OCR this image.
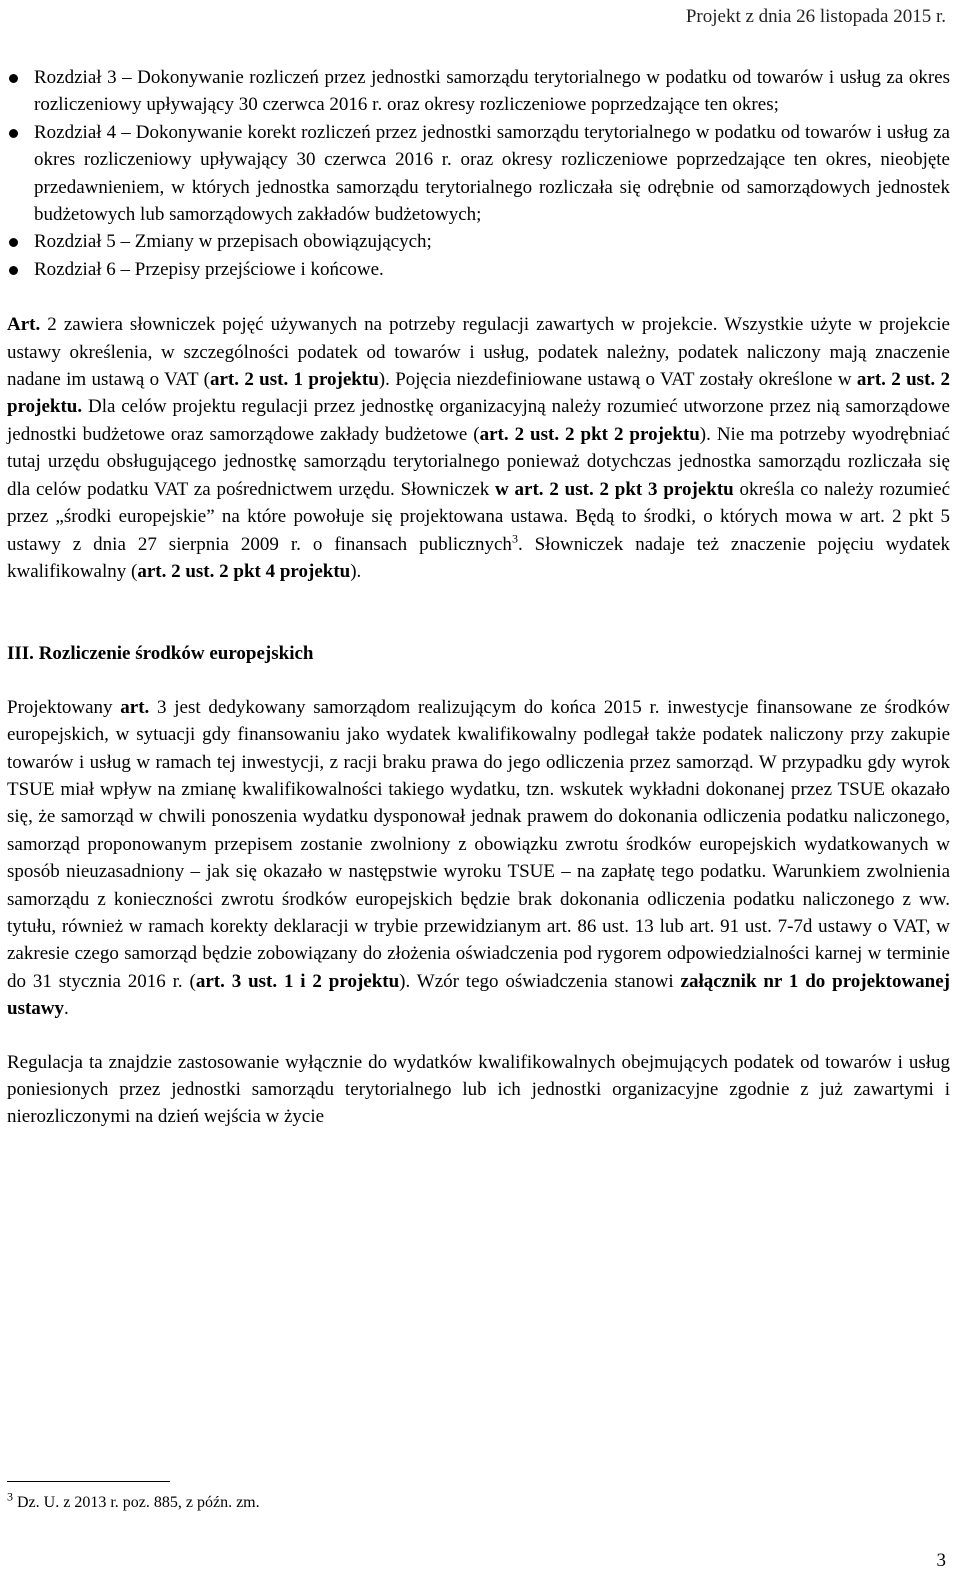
Projekt z dnia 26 listopada 2015 r.
Rozdział 3 – Dokonywanie rozliczeń przez jednostki samorządu terytorialnego w podatku od towarów i usług za okres rozliczeniowy upływający 30 czerwca 2016 r. oraz okresy rozliczeniowe poprzedzające ten okres;
Rozdział 4 – Dokonywanie korekt rozliczeń przez jednostki samorządu terytorialnego w podatku od towarów i usług za okres rozliczeniowy upływający 30 czerwca 2016 r. oraz okresy rozliczeniowe poprzedzające ten okres, nieobjęte przedawnieniem, w których jednostka samorządu terytorialnego rozliczała się odrębnie od samorządowych jednostek budżetowych lub samorządowych zakładów budżetowych;
Rozdział 5 – Zmiany w przepisach obowiązujących;
Rozdział 6 – Przepisy przejściowe i końcowe.

Art. 2 zawiera słowniczek pojęć używanych na potrzeby regulacji zawartych w projekcie. Wszystkie użyte w projekcie ustawy określenia, w szczególności podatek od towarów i usług, podatek należny, podatek naliczony mają znaczenie nadane im ustawą o VAT (art. 2 ust. 1 projektu). Pojęcia niezdefiniowane ustawą o VAT zostały określone w art. 2 ust. 2 projektu. Dla celów projektu regulacji przez jednostkę organizacyjną należy rozumieć utworzone przez nią samorządowe jednostki budżetowe oraz samorządowe zakłady budżetowe (art. 2 ust. 2 pkt 2 projektu). Nie ma potrzeby wyodrębniać tutaj urzędu obsługującego jednostkę samorządu terytorialnego ponieważ dotychczas jednostka samorządu rozliczała się dla celów podatku VAT za pośrednictwem urzędu. Słowniczek w art. 2 ust. 2 pkt 3 projektu określa co należy rozumieć przez „środki europejskie” na które powołuje się projektowana ustawa. Będą to środki, o których mowa w art. 2 pkt 5 ustawy z dnia 27 sierpnia 2009 r. o finansach publicznych$^3$. Słowniczek nadaje też znaczenie pojęciu wydatek kwalifikowalny (art. 2 ust. 2 pkt 4 projektu).

III. Rozliczenie środków europejskich

Projektowany art. 3 jest dedykowany samorządom realizującym do końca 2015 r. inwestycje finansowane ze środków europejskich, w sytuacji gdy finansowaniu jako wydatek kwalifikowalny podlegał także podatek naliczony przy zakupie towarów i usług w ramach tej inwestycji, z racji braku prawa do jego odliczenia przez samorząd. W przypadku gdy wyrok TSUE miał wpływ na zmianę kwalifikowalności takiego wydatku, tzn. wskutek wykładni dokonanej przez TSUE okazało się, że samorząd w chwili ponoszenia wydatku dysponował jednak prawem do dokonania odliczenia podatku naliczonego, samorząd proponowanym przepisem zostanie zwolniony z obowiązku zwrotu środków europejskich wydatkowanych w sposób nieuzasadniony – jak się okazało w następstwie wyroku TSUE – na zapłatę tego podatku. Warunkiem zwolnienia samorządu z konieczności zwrotu środków europejskich będzie brak dokonania odliczenia podatku naliczonego z ww. tytułu, również w ramach korekty deklaracji w trybie przewidzianym art. 86 ust. 13 lub art. 91 ust. 7-7d ustawy o VAT, w zakresie czego samorząd będzie zobowiązany do złożenia oświadczenia pod rygorem odpowiedzialności karnej w terminie do 31 stycznia 2016 r. (art. 3 ust. 1 i 2 projektu). Wzór tego oświadczenia stanowi załącznik nr 1 do projektowanej ustawy.

Regulacja ta znajdzie zastosowanie wyłącznie do wydatków kwalifikowalnych obejmujących podatek od towarów i usług poniesionych przez jednostki samorządu terytorialnego lub ich jednostki organizacyjne zgodnie z już zawartymi i nierozliczonymi na dzień wejścia w życie

$^3$ Dz. U. z 2013 r. poz. 885, z późn. zm.
3
